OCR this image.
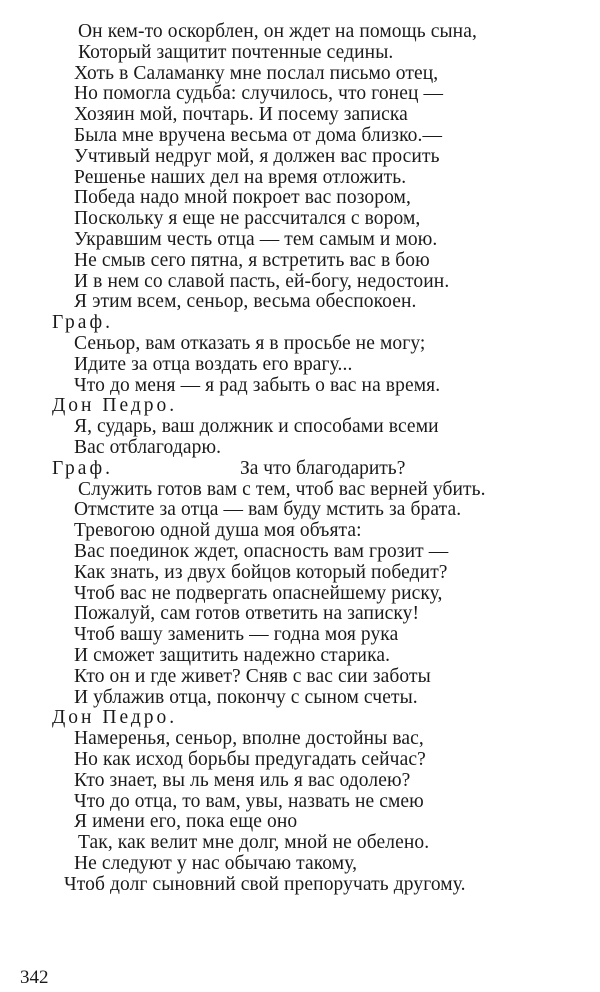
Он кем-то оскорблен, он ждет на помощь сына,
Который защитит почтенные седины.
Хоть в Саламанку мне послал письмо отец,
Но помогла судьба: случилось, что гонец —
Хозяин мой, почтарь. И посему записка
Была мне вручена весьма от дома близко.—
Учтивый недруг мой, я должен вас просить
Решенье наших дел на время отложить.
Победа надо мной покроет вас позором,
Поскольку я еще не рассчитался с вором,
Укравшим честь отца — тем самым и мою.
Не смыв сего пятна, я встретить вас в бою
И в нем со славой пасть, ей-богу, недостоин.
Я этим всем, сеньор, весьма обеспокоен.
Граф.
Сеньор, вам отказать я в просьбе не могу;
Идите за отца воздать его врагу...
Что до меня — я рад забыть о вас на время.
Дон Педро.
Я, сударь, ваш должник и способами всеми
Вас отблагодарю.
Граф.	За что благодарить?
Служить готов вам с тем, чтоб вас верней убить.
Отмстите за отца — вам буду мстить за брата.
Тревогою одной душа моя объята:
Вас поединок ждет, опасность вам грозит —
Как знать, из двух бойцов который победит?
Чтоб вас не подвергать опаснейшему риску,
Пожалуй, сам готов ответить на записку!
Чтоб вашу заменить — годна моя рука
И сможет защитить надежно старика.
Кто он и где живет? Сняв с вас сии заботы
И ублажив отца, покончу с сыном счеты.
Дон Педро.
Намеренья, сеньор, вполне достойны вас,
Но как исход борьбы предугадать сейчас?
Кто знает, вы ль меня иль я вас одолею?
Что до отца, то вам, увы, назвать не смею
Я имени его, пока еще оно
Так, как велит мне долг, мной не обелено.
Не следуют у нас обычаю такому,
Чтоб долг сыновний свой препоручать другому.
342
